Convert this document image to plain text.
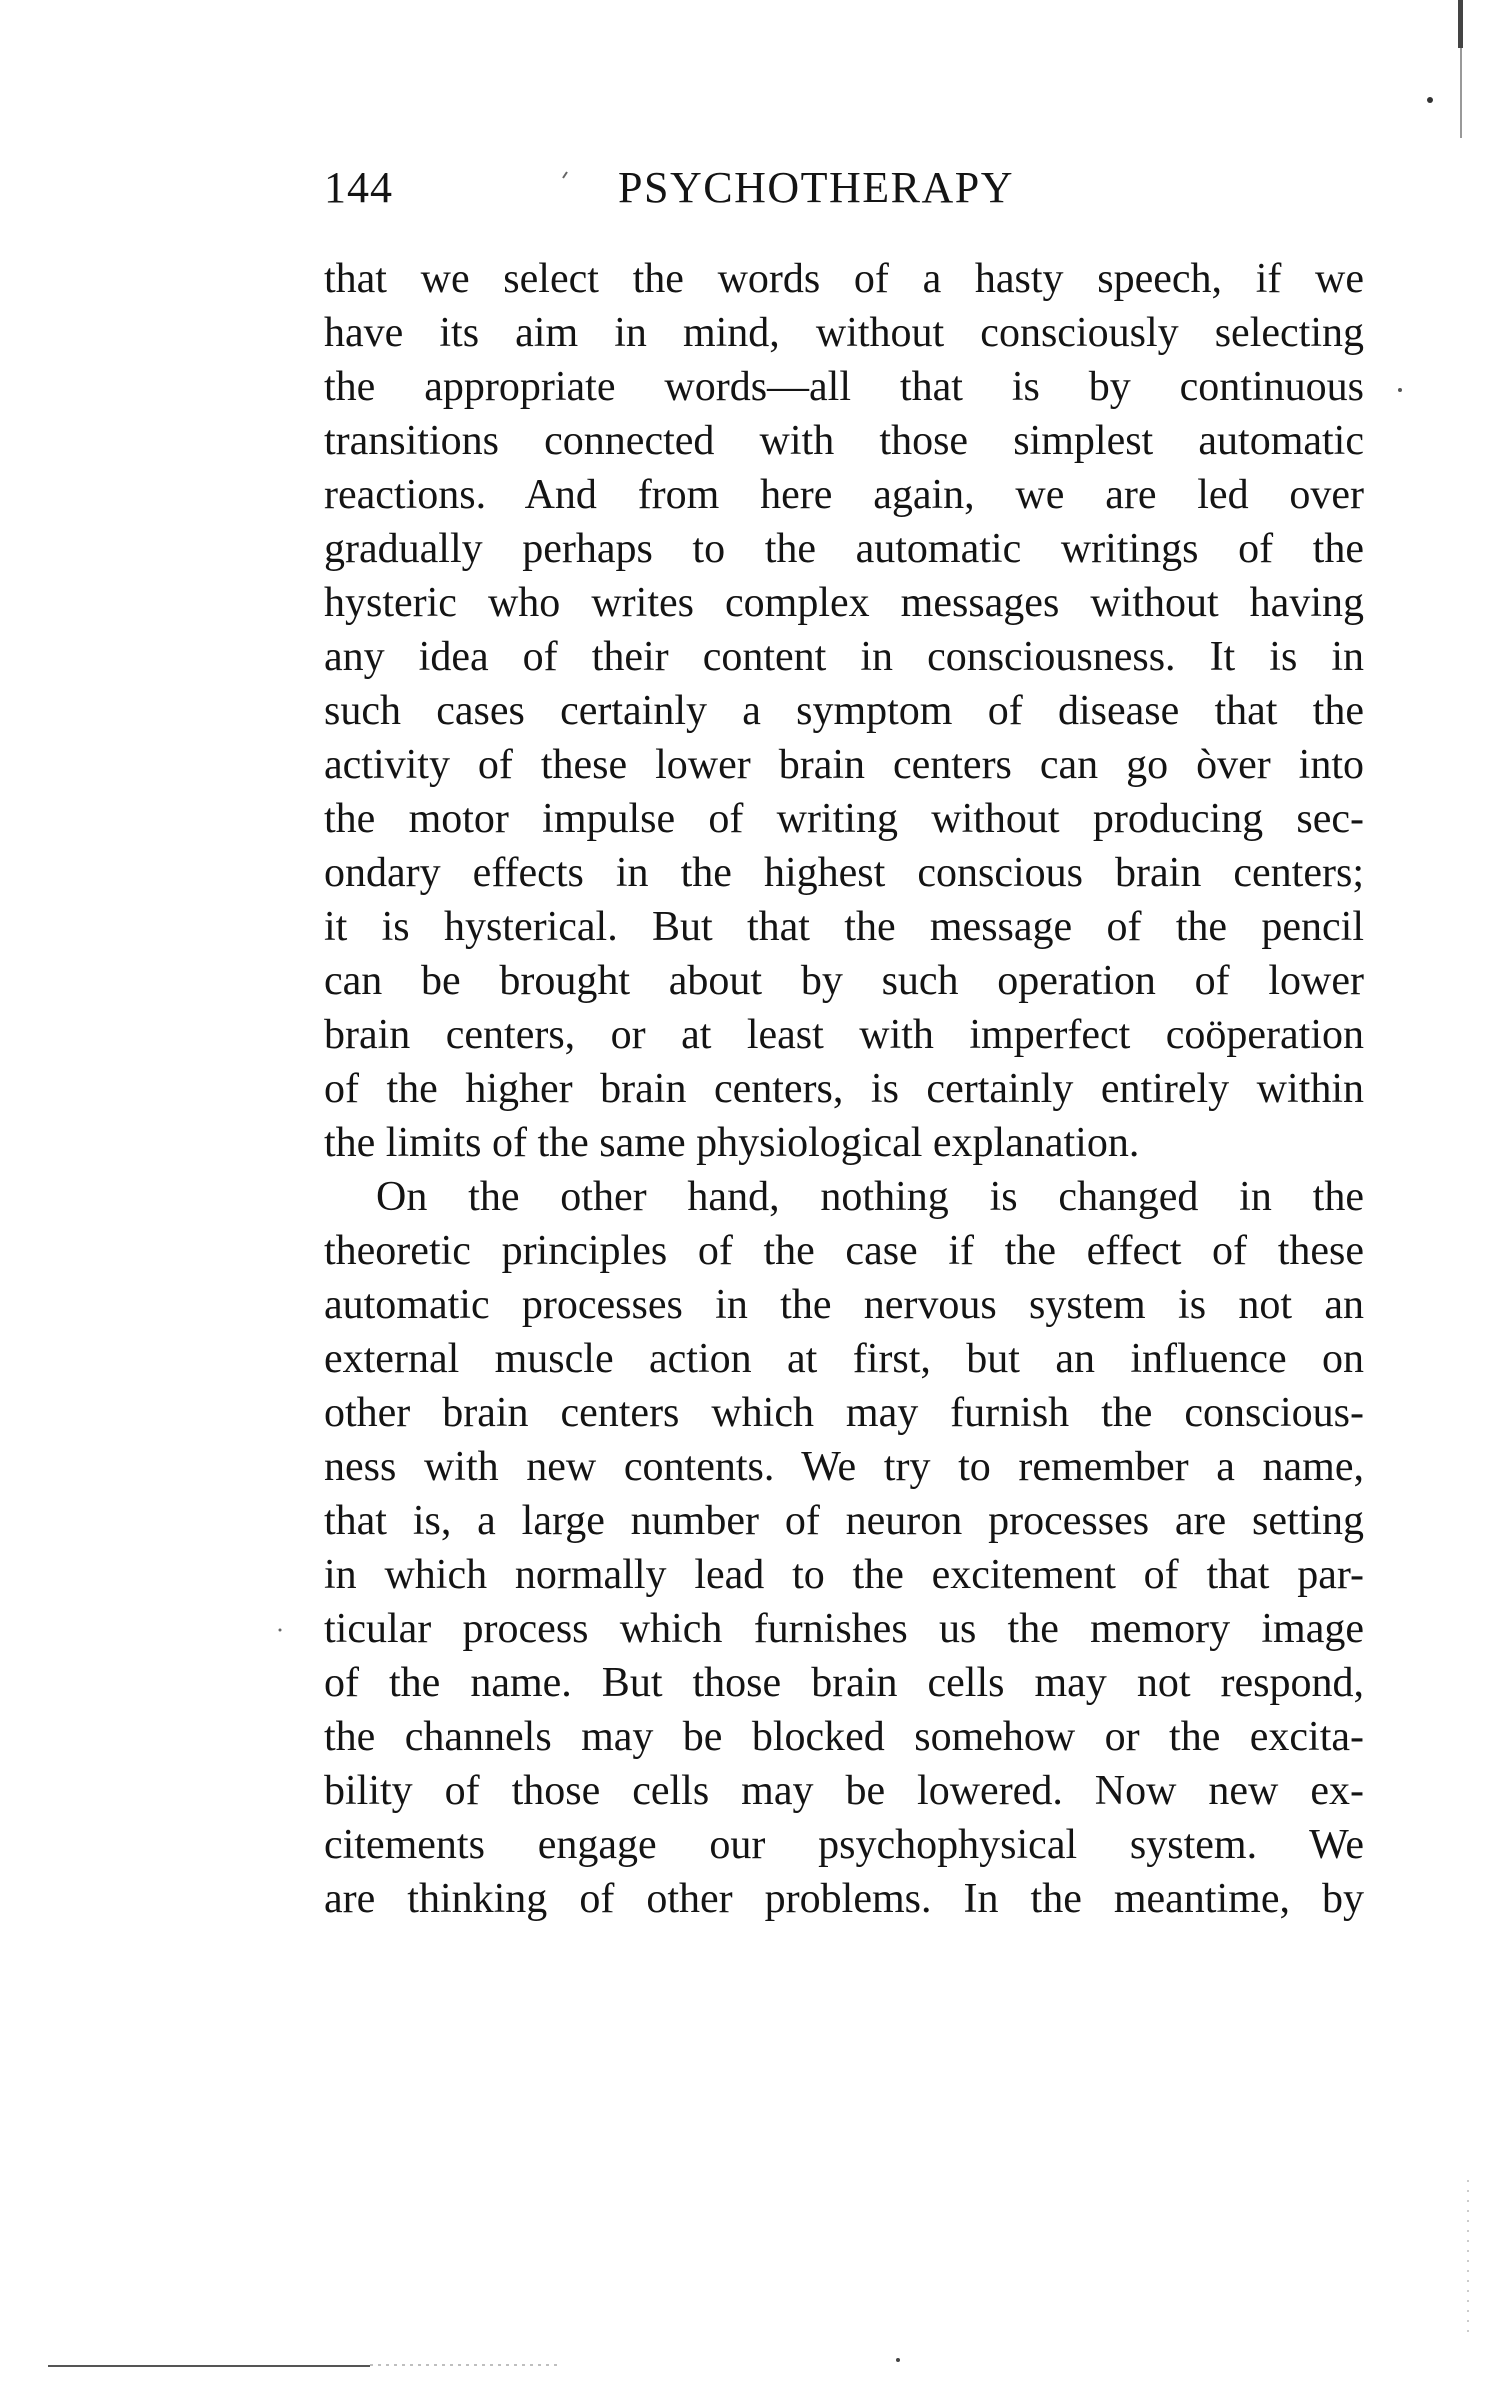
144	PSYCHOTHERAPY
that we select the words of a hasty speech, if we
have its aim in mind, without consciously selecting
the appropriate words—all that is by continuous
transitions connected with those simplest automatic
reactions. And from here again, we are led over
gradually perhaps to the automatic writings of the
hysteric who writes complex messages without having
any idea of their content in consciousness. It is in
such cases certainly a symptom of disease that the
activity of these lower brain centers can go òver into
the motor impulse of writing without producing sec-
ondary effects in the highest conscious brain centers;
it is hysterical. But that the message of the pencil
can be brought about by such operation of lower
brain centers, or at least with imperfect coöperation
of the higher brain centers, is certainly entirely within
the limits of the same physiological explanation.
On the other hand, nothing is changed in the
theoretic principles of the case if the effect of these
automatic processes in the nervous system is not an
external muscle action at first, but an influence on
other brain centers which may furnish the conscious-
ness with new contents. We try to remember a name,
that is, a large number of neuron processes are setting
in which normally lead to the excitement of that par-
ticular process which furnishes us the memory image
of the name. But those brain cells may not respond,
the channels may be blocked somehow or the excita-
bility of those cells may be lowered. Now new ex-
citements engage our psychophysical system. We
are thinking of other problems. In the meantime, by
